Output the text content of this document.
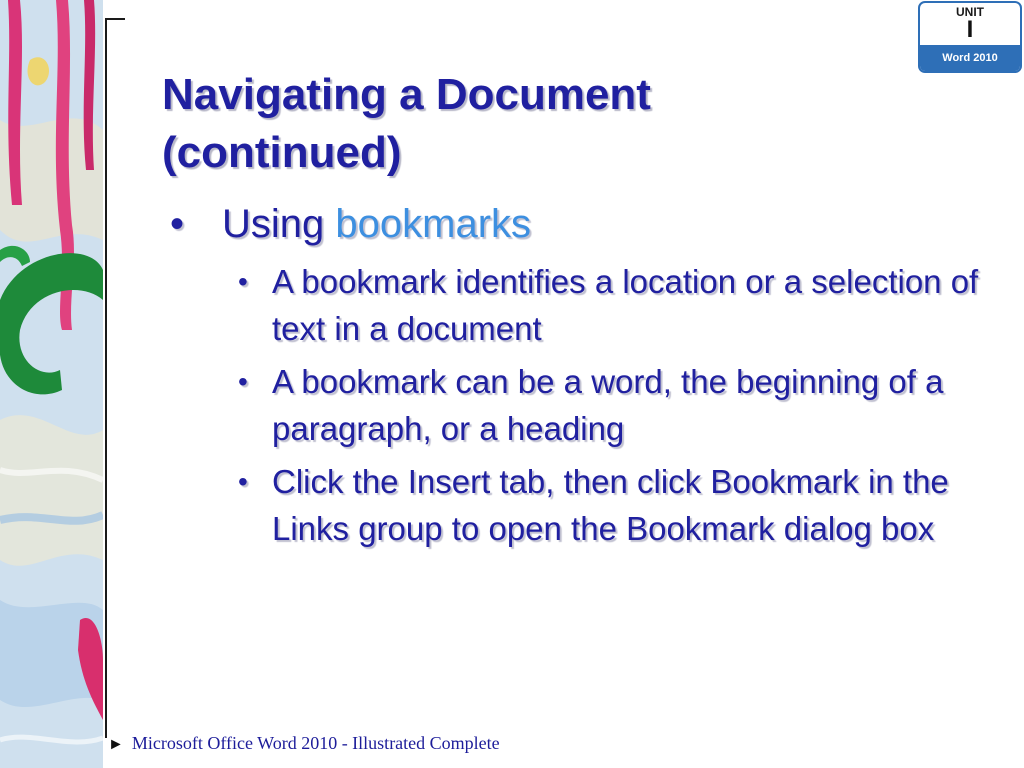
UNIT
I
Word 2010
Navigating a Document
(continued)
• Using bookmarks
• A bookmark identifies a location or a selection of text in a document
• A bookmark can be a word, the beginning of a paragraph, or a heading
• Click the Insert tab, then click Bookmark in the Links group to open the Bookmark dialog box
► Microsoft Office Word 2010 - Illustrated Complete
